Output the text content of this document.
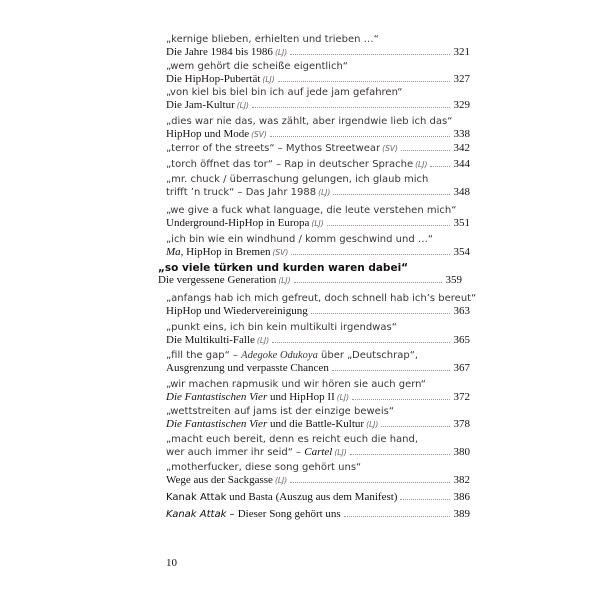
„kernige blieben, erhielten und trieben …“
Die Jahre 1984 bis 1986 (LJ)	321
„wem gehört die scheiße eigentlich“
Die HipHop-Pubertät (LJ)	327
„von kiel bis biel bin ich auf jede jam gefahren“
Die Jam-Kultur (LJ)	329
„dies war nie das, was zählt, aber irgendwie lieb ich das“
HipHop und Mode (SV)	338
„terror of the streets“ – Mythos Streetwear (SV)	342
„torch öffnet das tor“ – Rap in deutscher Sprache (LJ) 344
„mr. chuck / überraschung gelungen, ich glaub mich
trifft ’n truck“ – Das Jahr 1988 (LJ)	348
„we give a fuck what language, die leute verstehen mich“
Underground-HipHop in Europa (LJ)	351
„ich bin wie ein windhund / komm geschwind und …“
Ma, HipHop in Bremen (SV)	354
„so viele türken und kurden waren dabei“
Die vergessene Generation (LJ)	359
„anfangs hab ich mich gefreut, doch schnell hab ich’s bereut“
HipHop und Wiedervereinigung	363
„punkt eins, ich bin kein multikulti irgendwas“
Die Multikulti-Falle (LJ)	365
„fill the gap“ – Adegoke Odukoya über „Deutschrap“,
Ausgrenzung und verpasste Chancen	367
„wir machen rapmusik und wir hören sie auch gern“
Die Fantastischen Vier und HipHop II (LJ)	372
„wettstreiten auf jams ist der einzige beweis“
Die Fantastischen Vier und die Battle-Kultur (LJ)	378
„macht euch bereit, denn es reicht euch die hand,
wer auch immer ihr seid“ – Cartel (LJ)	380
„motherfucker, diese song gehört uns“
Wege aus der Sackgasse (LJ)	382
Kanak Attak und Basta (Auszug aus dem Manifest)	386
Kanak Attak – Dieser Song gehört uns	389
10
